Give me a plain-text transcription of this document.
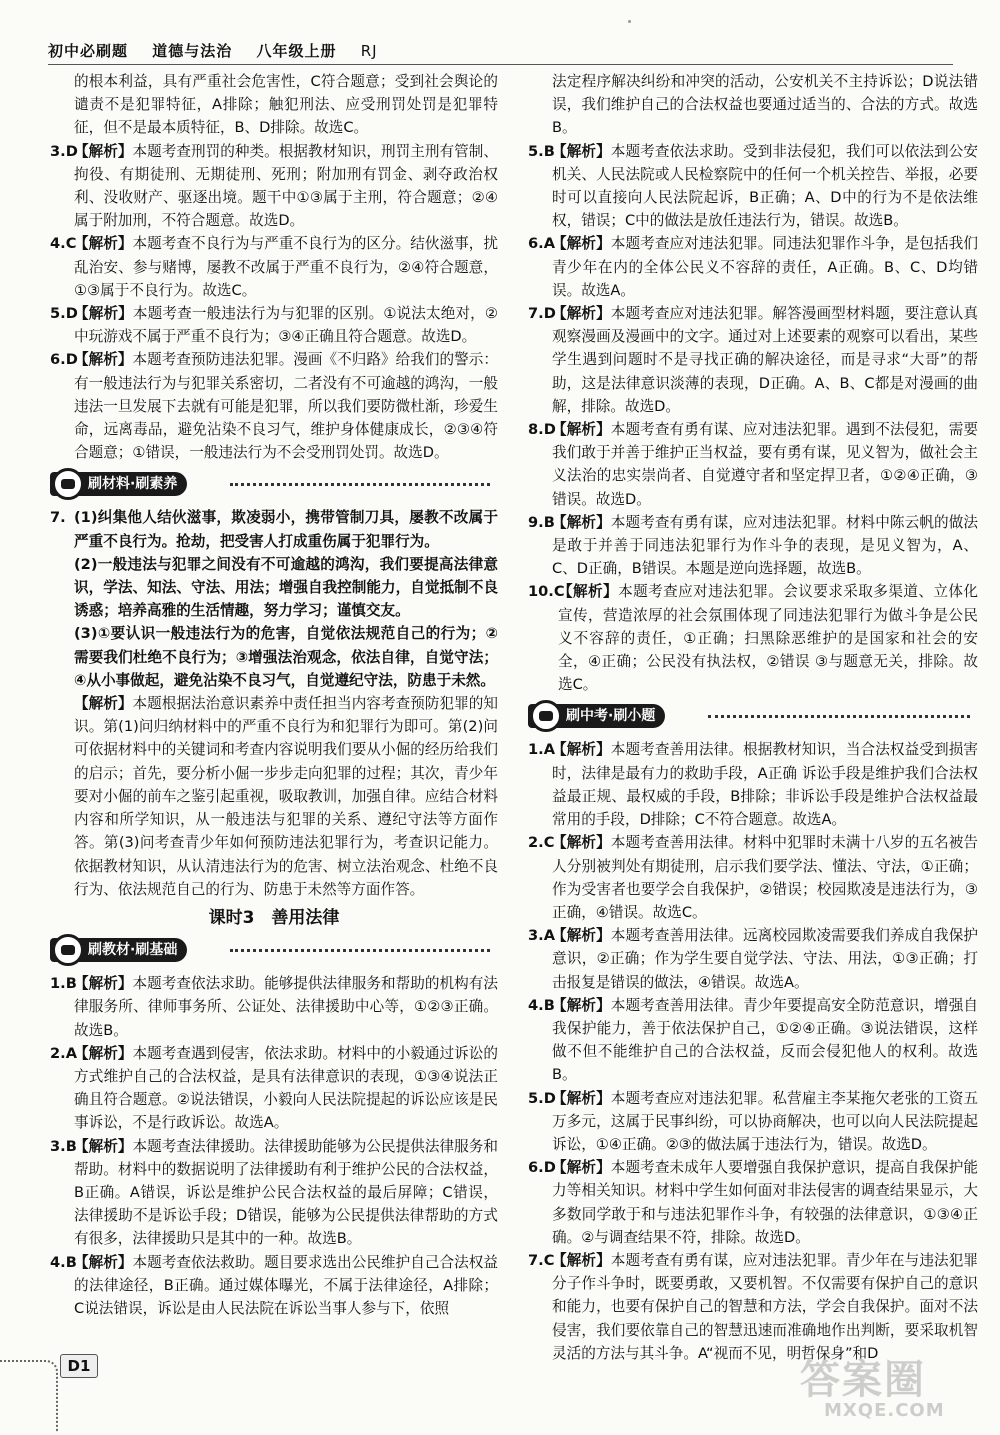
初中必刷题 道德与法治 八年级上册 RJ

的根本利益，具有严重社会危害性，C符合题意；受到社会舆论的谴责不是犯罪特征，A排除；触犯刑法、应受刑罚处罚是犯罪特征，但不是最本质特征，B、D排除。故选C。

3.D
【解析】本题考查刑罚的种类。根据教材知识，刑罚主刑有管制、拘役、有期徒刑、无期徒刑、死刑；附加刑有罚金、剥夺政治权利、没收财产、驱逐出境。题干中①③属于主刑，符合题意；②④属于附加刑，不符合题意。故选D。
4.C
【解析】本题考查不良行为与严重不良行为的区分。结伙滋事，扰乱治安、参与赌博，屡教不改属于严重不良行为，②④符合题意，①③属于不良行为。故选C。
5.D
【解析】本题考查一般违法行为与犯罪的区别。①说法太绝对，②中玩游戏不属于严重不良行为；③④正确且符合题意。故选D。
6.D
【解析】本题考查预防违法犯罪。漫画《不归路》给我们的警示：有一般违法行为与犯罪关系密切，二者没有不可逾越的鸿沟，一般违法一旦发展下去就有可能是犯罪，所以我们要防微杜渐，珍爱生命，远离毒品，避免沾染不良习气，维护身体健康成长，②③④符合题意；①错误，一般违法行为不会受刑罚处罚。故选D。
刷材料·刷素养
7. (1)纠集他人结伙滋事，欺凌弱小，携带管制刀具，屡教不改属于严重不良行为。抢劫，把受害人打成重伤属于犯罪行为。
(2)一般违法与犯罪之间没有不可逾越的鸿沟，我们要提高法律意识，学法、知法、守法、用法；增强自我控制能力，自觉抵制不良诱惑；培养高雅的生活情趣，努力学习；谨慎交友。
(3)①要认识一般违法行为的危害，自觉依法规范自己的行为；②需要我们杜绝不良行为；③增强法治观念，依法自律，自觉守法；④从小事做起，避免沾染不良习气，自觉遵纪守法，防患于未然。
【解析】本题根据法治意识素养中责任担当内容考查预防犯罪的知识。第(1)问归纳材料中的严重不良行为和犯罪行为即可。第(2)问可依据材料中的关键词和考查内容说明我们要从小倔的经历给我们的启示；首先，要分析小倔一步步走向犯罪的过程；其次，青少年要对小倔的前车之鉴引起重视，吸取教训，加强自律。应结合材料内容和所学知识，从一般违法与犯罪的关系、遵纪守法等方面作答。第(3)问考查青少年如何预防违法犯罪行为，考查识记能力。依据教材知识，从认清违法行为的危害、树立法治观念、杜绝不良行为、依法规范自己的行为、防患于未然等方面作答。
课时3　善用法律
刷教材·刷基础
1.B
【解析】本题考查依法求助。能够提供法律服务和帮助的机构有法律服务所、律师事务所、公证处、法律援助中心等，①②③正确。故选B。
2.A
【解析】本题考查遇到侵害，依法求助。材料中的小毅通过诉讼的方式维护自己的合法权益，是具有法律意识的表现，①③④说法正确且符合题意。②说法错误，小毅向人民法院提起的诉讼应该是民事诉讼，不是行政诉讼。故选A。
3.B
【解析】本题考查法律援助。法律援助能够为公民提供法律服务和帮助。材料中的数据说明了法律援助有利于维护公民的合法权益，B正确。A错误，诉讼是维护公民合法权益的最后屏障；C错误，法律援助不是诉讼手段；D错误，能够为公民提供法律帮助的方式有很多，法律援助只是其中的一种。故选B。
4.B
【解析】本题考查依法救助。题目要求选出公民维护自己合法权益的法律途径，B正确。通过媒体曝光，不属于法律途径，A排除；C说法错误，诉讼是由人民法院在诉讼当事人参与下，依照

法定程序解决纠纷和冲突的活动，公安机关不主持诉讼；D说法错误，我们维护自己的合法权益也要通过适当的、合法的方式。故选B。

5.B
【解析】本题考查依法求助。受到非法侵犯，我们可以依法到公安机关、人民法院或人民检察院中的任何一个机关控告、举报，必要时可以直接向人民法院起诉，B正确；A、D中的行为不是依法维权，错误；C中的做法是放任违法行为，错误。故选B。
6.A
【解析】本题考查应对违法犯罪。同违法犯罪作斗争，是包括我们青少年在内的全体公民义不容辞的责任，A正确。B、C、D均错误。故选A。
7.D
【解析】本题考查应对违法犯罪。解答漫画型材料题，要注意认真观察漫画及漫画中的文字。通过对上述要素的观察可以看出，某些学生遇到问题时不是寻找正确的解决途径，而是寻求“大哥”的帮助，这是法律意识淡薄的表现，D正确。A、B、C都是对漫画的曲解，排除。故选D。
8.D
【解析】本题考查有勇有谋、应对违法犯罪。遇到不法侵犯，需要我们敢于并善于维护正当权益，要有勇有谋，见义智为，做社会主义法治的忠实崇尚者、自觉遵守者和坚定捍卫者，①②④正确，③错误。故选D。
9.B
【解析】本题考查有勇有谋，应对违法犯罪。材料中陈云帆的做法是敢于并善于同违法犯罪行为作斗争的表现，是见义智为，A、C、D正确，B错误。本题是逆向选择题，故选B。
10.C
【解析】本题考查应对违法犯罪。会议要求采取多渠道、立体化宣传，营造浓厚的社会氛围体现了同违法犯罪行为做斗争是公民义不容辞的责任，①正确；扫黑除恶维护的是国家和社会的安全，④正确；公民没有执法权，②错误 ③与题意无关，排除。故选C。
刷中考·刷小题
1.A
【解析】本题考查善用法律。根据教材知识，当合法权益受到损害时，法律是最有力的救助手段，A正确 诉讼手段是维护我们合法权益最正规、最权威的手段，B排除；非诉讼手段是维护合法权益最常用的手段，D排除；C不符合题意。故选A。
2.C
【解析】本题考查善用法律。材料中犯罪时未满十八岁的五名被告人分别被判处有期徒刑，启示我们要学法、懂法、守法，①正确；作为受害者也要学会自我保护，②错误；校园欺凌是违法行为，③正确，④错误。故选C。
3.A
【解析】本题考查善用法律。远离校园欺凌需要我们养成自我保护意识，②正确；作为学生要自觉学法、守法、用法，①③正确；打击报复是错误的做法，④错误。故选A。
4.B
【解析】本题考查善用法律。青少年要提高安全防范意识，增强自我保护能力，善于依法保护自己，①②④正确。③说法错误，这样做不但不能维护自己的合法权益，反而会侵犯他人的权利。故选B。
5.D
【解析】本题考查应对违法犯罪。私营雇主李某拖欠老张的工资五万多元，这属于民事纠纷，可以协商解决，也可以向人民法院提起诉讼，①④正确。②③的做法属于违法行为，错误。故选D。
6.D
【解析】本题考查未成年人要增强自我保护意识，提高自我保护能力等相关知识。材料中学生如何面对非法侵害的调查结果显示，大多数同学敢于和与违法犯罪作斗争，有较强的法律意识，①③④正确。②与调查结果不符，排除。故选D。
7.C
【解析】本题考查有勇有谋，应对违法犯罪。青少年在与违法犯罪分子作斗争时，既要勇敢，又要机智。不仅需要有保护自己的意识和能力，也要有保护自己的智慧和方法，学会自我保护。面对不法侵害，我们要依靠自己的智慧迅速而准确地作出判断，要采取机智灵活的方法与其斗争。A“视而不见，明哲保身”和D
D1	答案圈
MXQE.COM
